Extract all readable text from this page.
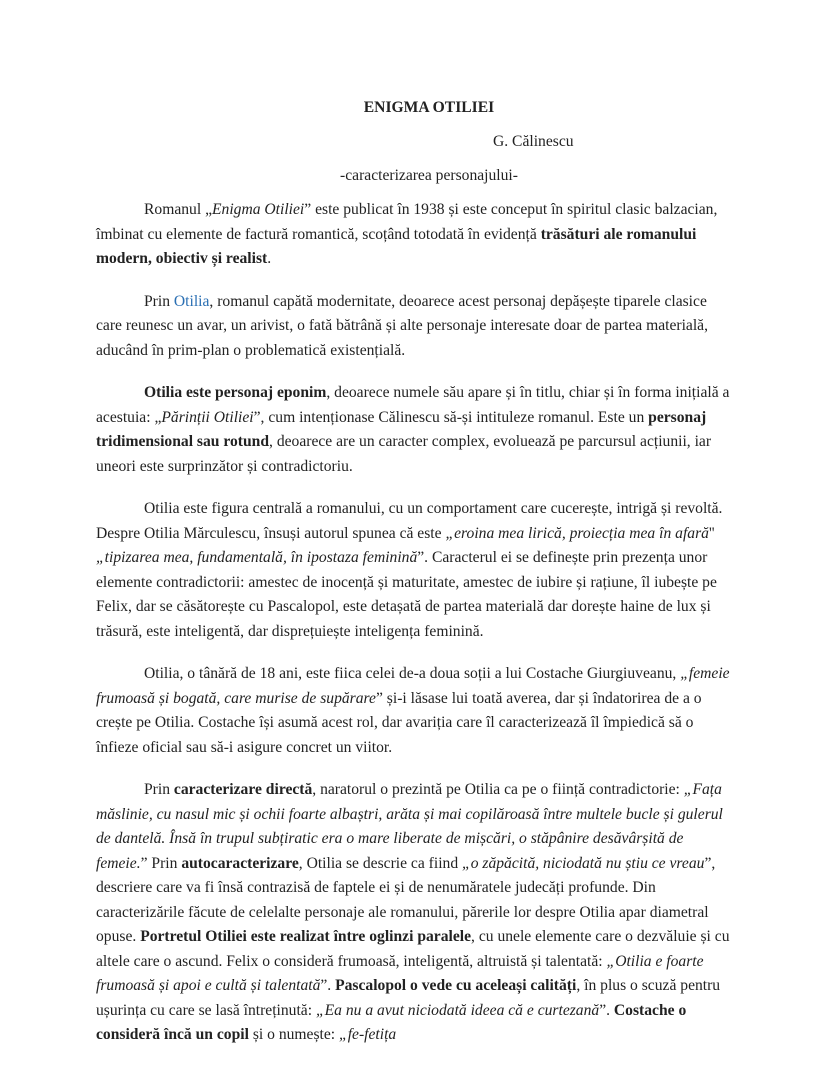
ENIGMA OTILIEI

G. Călinescu

-caracterizarea personajului-

Romanul „Enigma Otiliei” este publicat în 1938 și este conceput în spiritul clasic balzacian, îmbinat cu elemente de factură romantică, scoțând totodată în evidență trăsături ale romanului modern, obiectiv și realist.

Prin Otilia, romanul capătă modernitate, deoarece acest personaj depășește tiparele clasice care reunesc un avar, un arivist, o fată bătrână și alte personaje interesate doar de partea materială, aducând în prim-plan o problematică existențială.

Otilia este personaj eponim, deoarece numele său apare și în titlu, chiar și în forma inițială a acestuia: „Părinții Otiliei”, cum intenționase Călinescu să-și intituleze romanul. Este un personaj tridimensional sau rotund, deoarece are un caracter complex, evoluează pe parcursul acțiunii, iar uneori este surprinzător și contradictoriu.

Otilia este figura centrală a romanului, cu un comportament care cucerește, intrigă și revoltă. Despre Otilia Mărculescu, însuși autorul spunea că este „eroina mea lirică, proiecția mea în afară'' „tipizarea mea, fundamentală, în ipostaza feminină”. Caracterul ei se definește prin prezența unor elemente contradictorii: amestec de inocență și maturitate, amestec de iubire și rațiune, îl iubește pe Felix, dar se căsătorește cu Pascalopol, este detașată de partea materială dar dorește haine de lux și trăsură, este inteligentă, dar disprețuiește inteligența feminină.

Otilia, o tânără de 18 ani, este fiica celei de-a doua soții a lui Costache Giurgiuveanu, „femeie frumoasă și bogată, care murise de supărare” și-i lăsase lui toată averea, dar și îndatorirea de a o crește pe Otilia. Costache își asumă acest rol, dar avariția care îl caracterizează îl împiedică să o înfieze oficial sau să-i asigure concret un viitor.

Prin caracterizare directă, naratorul o prezintă pe Otilia ca pe o ființă contradictorie: „Fața măslinie, cu nasul mic și ochii foarte albaștri, arăta și mai copilăroasă între multele bucle și gulerul de dantelă. Însă în trupul subțiratic era o mare liberate de mișcări, o stăpânire desăvârșită de femeie.” Prin autocaracterizare, Otilia se descrie ca fiind „o zăpăcită, niciodată nu știu ce vreau”, descriere care va fi însă contrazisă de faptele ei și de nenumăratele judecăți profunde. Din caracterizările făcute de celelalte personaje ale romanului, părerile lor despre Otilia apar diametral opuse. Portretul Otiliei este realizat între oglinzi paralele, cu unele elemente care o dezvăluie și cu altele care o ascund. Felix o consideră frumoasă, inteligentă, altruistă și talentată: „Otilia e foarte frumoasă și apoi e cultă și talentată”. Pascalopol o vede cu aceleași calități, în plus o scuză pentru ușurința cu care se lasă întreținută: „Ea nu a avut niciodată ideea că e curtezană”. Costache o consideră încă un copil și o numește: „fe-fetița
